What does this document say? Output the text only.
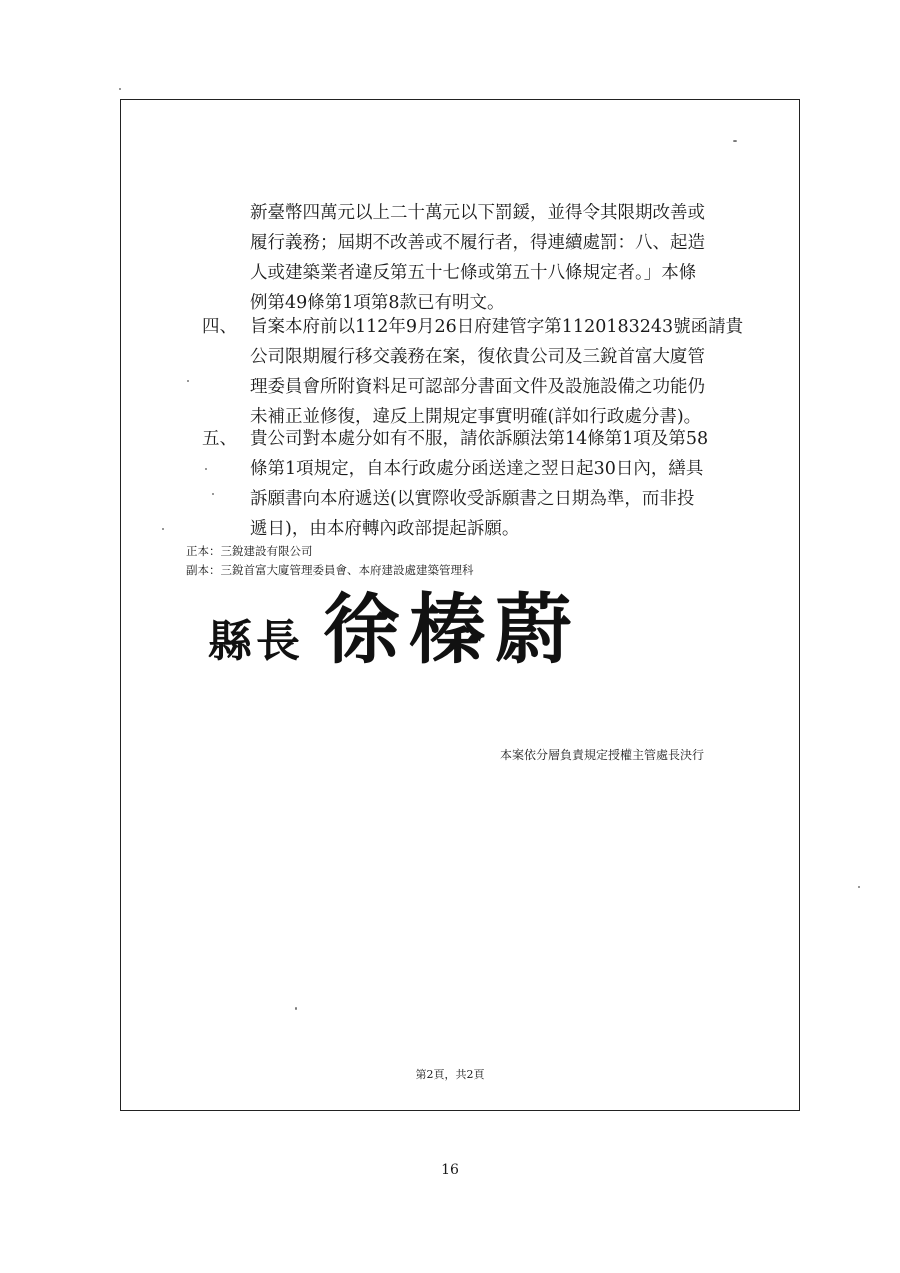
新臺幣四萬元以上二十萬元以下罰鍰，並得令其限期改善或
履行義務；屆期不改善或不履行者，得連續處罰：八、起造
人或建築業者違反第五十七條或第五十八條規定者。」本條
例第49條第1項第8款已有明文。
四、 旨案本府前以112年9月26日府建管字第1120183243號函請貴
公司限期履行移交義務在案，復依貴公司及三銳首富大廈管
理委員會所附資料足可認部分書面文件及設施設備之功能仍
未補正並修復，違反上開規定事實明確(詳如行政處分書)。
五、 貴公司對本處分如有不服，請依訴願法第14條第1項及第58
條第1項規定，自本行政處分函送達之翌日起30日內，繕具
訴願書向本府遞送(以實際收受訴願書之日期為準，而非投
遞日)，由本府轉內政部提起訴願。
正本：三銳建設有限公司
副本：三銳首富大廈管理委員會、本府建設處建築管理科
縣長 徐榛蔚
本案依分層負責規定授權主管處長決行
第2頁，共2頁
16
